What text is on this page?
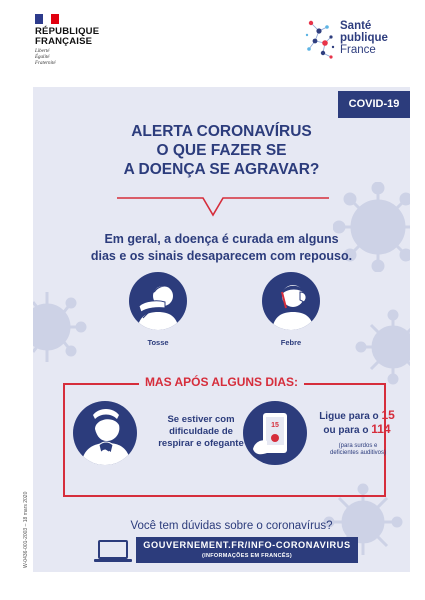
RÉPUBLIQUE
FRANÇAISE
Liberté
Égalité
Fraternité
Santé
publique
France
W-0436-001-2003 – 18 mars 2020
COVID-19
ALERTA CORONAVÍRUS
O QUE FAZER SE
A DOENÇA SE AGRAVAR?
Em geral, a doença é curada em alguns
dias e os sinais desaparecem com repouso.
Tosse	Febre
MAS APÓS ALGUNS DIAS:
Se estiver com
dificuldade de
respirar e ofegante
15
Ligue para o 15
ou para o 114
(para surdos e
deficientes auditivos)
Você tem dúvidas sobre o coronavírus?
GOUVERNEMENT.FR/INFO-CORONAVIRUS
(INFORMAÇÕES EM FRANCÊS)
